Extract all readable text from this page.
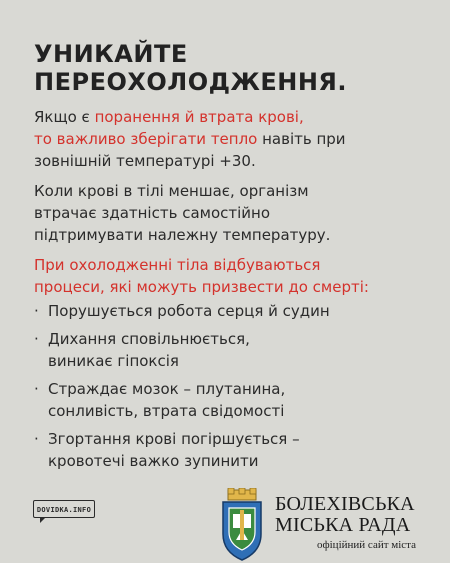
УНИКАЙТЕ
ПЕРЕОХОЛОДЖЕННЯ.
Якщо є поранення й втрата крові,
то важливо зберігати тепло навіть при
зовнішній температурі +30.
Коли крові в тілі меншає, організм
втрачає здатність самостійно
підтримувати належну температуру.
При охолодженні тіла відбуваються
процеси, які можуть призвести до смерті:
· Порушується робота серця й судин
· Дихання сповільнюється,
виникає гіпоксія
· Страждає мозок – плутанина,
сонливість, втрата свідомості
· Згортання крові погіршується –
кровотечі важко зупинити
DOVIDKA.INFO	БОЛЕХІВСЬКА
МІСЬКА РАДА
офіційний сайт міста
